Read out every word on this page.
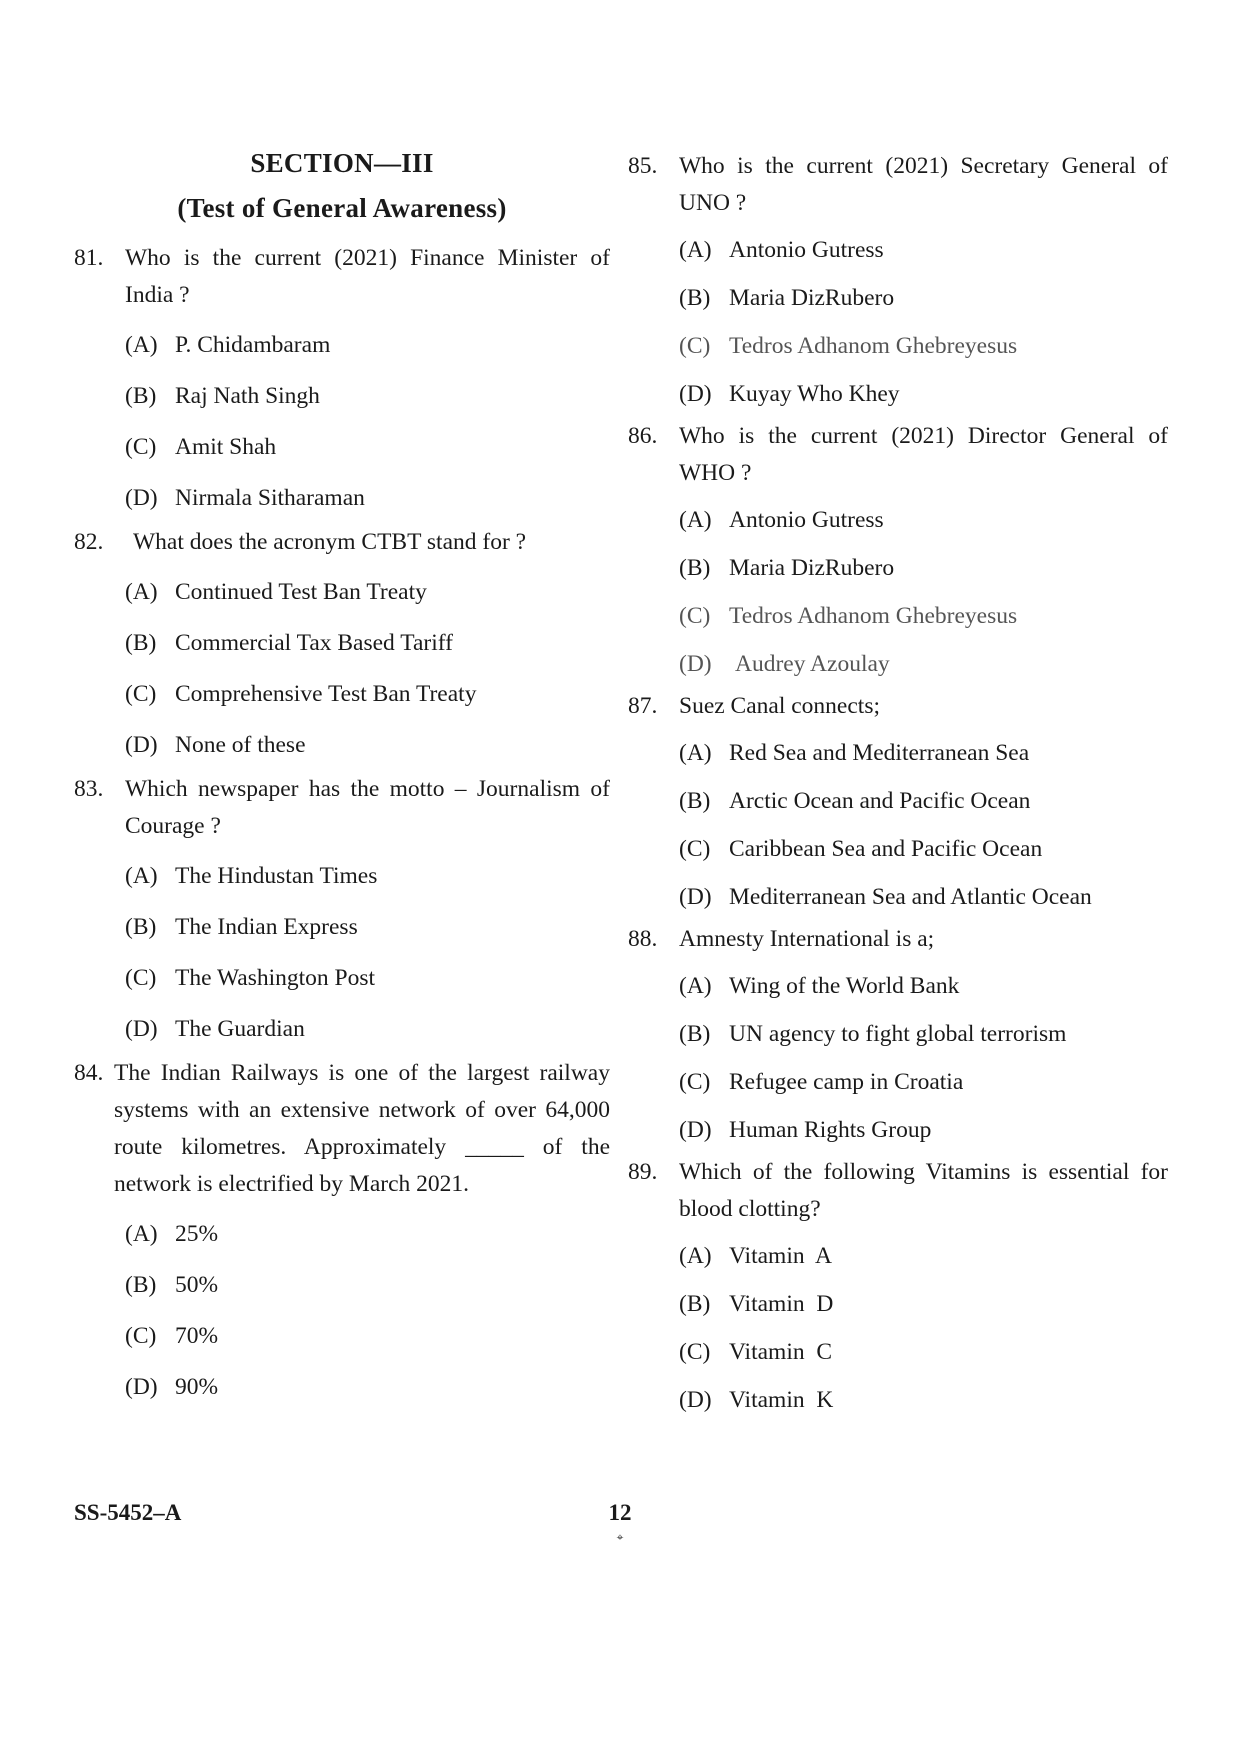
SECTION—III
(Test of General Awareness)
81. Who is the current (2021) Finance Minister of India ?
(A) P. Chidambaram
(B) Raj Nath Singh
(C) Amit Shah
(D) Nirmala Sitharaman
82.	What does the acronym CTBT stand for ?
(A) Continued Test Ban Treaty
(B) Commercial Tax Based Tariff
(C) Comprehensive Test Ban Treaty
(D) None of these
83. Which newspaper has the motto – Journalism of Courage ?
(A) The Hindustan Times
(B) The Indian Express
(C) The Washington Post
(D) The Guardian
84. The Indian Railways is one of the largest railway systems with an extensive network of over 64,000 route kilometres. Approximately _____ of the network is electrified by March 2021.
(A) 25%
(B) 50%
(C) 70%
(D) 90%
85. Who is the current (2021) Secretary General of UNO ?
(A) Antonio Gutress
(B) Maria DizRubero
(C) Tedros Adhanom Ghebreyesus
(D) Kuyay Who Khey
86. Who is the current (2021) Director General of WHO ?
(A) Antonio Gutress
(B) Maria DizRubero
(C) Tedros Adhanom Ghebreyesus
(D) Audrey Azoulay
87. Suez Canal connects;
(A) Red Sea and Mediterranean Sea
(B) Arctic Ocean and Pacific Ocean
(C) Caribbean Sea and Pacific Ocean
(D) Mediterranean Sea and Atlantic Ocean
88. Amnesty International is a;
(A) Wing of the World Bank
(B) UN agency to fight global terrorism
(C) Refugee camp in Croatia
(D) Human Rights Group
89. Which of the following Vitamins is essential for blood clotting?
(A) Vitamin  A
(B) Vitamin  D
(C) Vitamin  C
(D) Vitamin  K
SS-5452–A	12
⌖
